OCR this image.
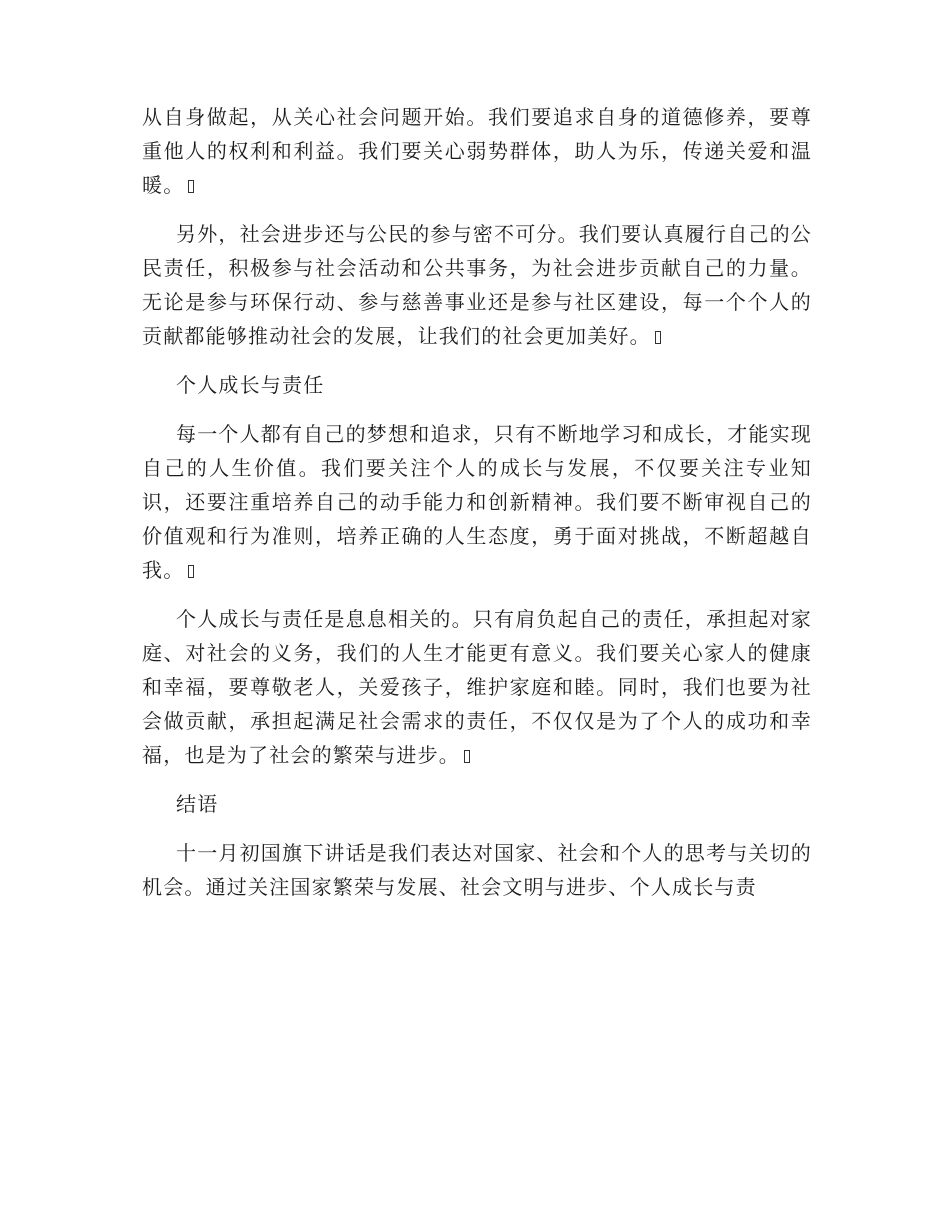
从自身做起，从关心社会问题开始。我们要追求自身的道德修养，要尊重他人的权利和利益。我们要关心弱势群体，助人为乐，传递关爱和温暖。

另外，社会进步还与公民的参与密不可分。我们要认真履行自己的公民责任，积极参与社会活动和公共事务，为社会进步贡献自己的力量。无论是参与环保行动、参与慈善事业还是参与社区建设，每一个个人的贡献都能够推动社会的发展，让我们的社会更加美好。

个人成长与责任

每一个人都有自己的梦想和追求，只有不断地学习和成长，才能实现自己的人生价值。我们要关注个人的成长与发展，不仅要关注专业知识，还要注重培养自己的动手能力和创新精神。我们要不断审视自己的价值观和行为准则，培养正确的人生态度，勇于面对挑战，不断超越自我。

个人成长与责任是息息相关的。只有肩负起自己的责任，承担起对家庭、对社会的义务，我们的人生才能更有意义。我们要关心家人的健康和幸福，要尊敬老人，关爱孩子，维护家庭和睦。同时，我们也要为社会做贡献，承担起满足社会需求的责任，不仅仅是为了个人的成功和幸福，也是为了社会的繁荣与进步。

结语

十一月初国旗下讲话是我们表达对国家、社会和个人的思考与关切的机会。通过关注国家繁荣与发展、社会文明与进步、个人成长与责
